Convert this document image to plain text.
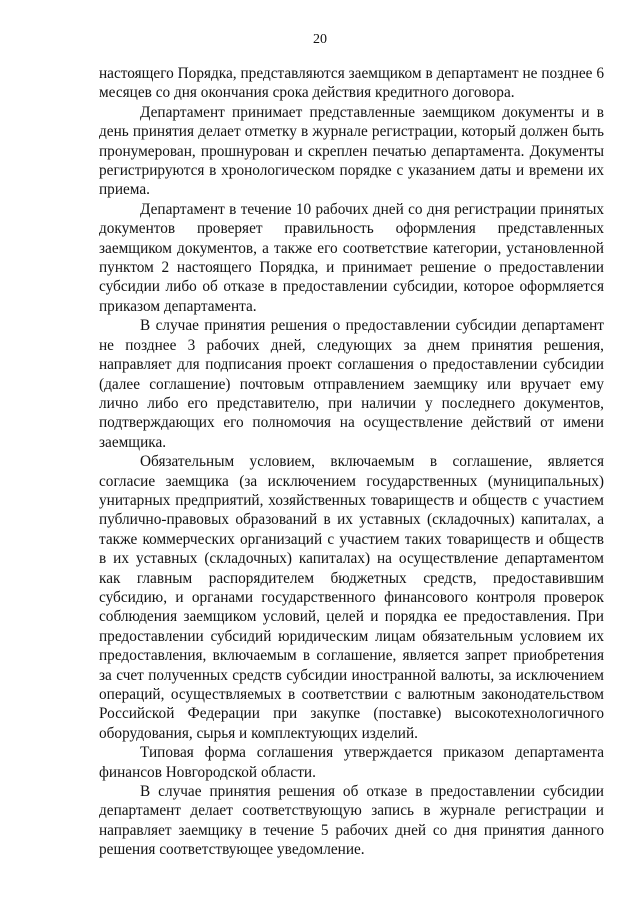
20

настоящего Порядка, представляются заемщиком в департамент не позднее 6 месяцев со дня окончания срока действия кредитного договора.

Департамент принимает представленные заемщиком документы и в день принятия делает отметку в журнале регистрации, который должен быть пронумерован, прошнурован и скреплен печатью департамента. Документы регистрируются в хронологическом порядке с указанием даты и времени их приема.

Департамент в течение 10 рабочих дней со дня регистрации принятых документов проверяет правильность оформления представленных заемщиком документов, а также его соответствие категории, установленной пунктом 2 настоящего Порядка, и принимает решение о предоставлении субсидии либо об отказе в предоставлении субсидии, которое оформляется приказом департамента.

В случае принятия решения о предоставлении субсидии департамент не позднее 3 рабочих дней, следующих за днем принятия решения, направляет для подписания проект соглашения о предоставлении субсидии (далее соглашение) почтовым отправлением заемщику или вручает ему лично либо его представителю, при наличии у последнего документов, подтверждающих его полномочия на осуществление действий от имени заемщика.

Обязательным условием, включаемым в соглашение, является согласие заемщика (за исключением государственных (муниципальных) унитарных предприятий, хозяйственных товариществ и обществ с участием публично-правовых образований в их уставных (складочных) капиталах, а также коммерческих организаций с участием таких товариществ и обществ в их уставных (складочных) капиталах) на осуществление департаментом как главным распорядителем бюджетных средств, предоставившим субсидию, и органами государственного финансового контроля проверок соблюдения заемщиком условий, целей и порядка ее предоставления. При предоставлении субсидий юридическим лицам обязательным условием их предоставления, включаемым в соглашение, является запрет приобретения за счет полученных средств субсидии иностранной валюты, за исключением операций, осуществляемых в соответствии с валютным законодательством Российской Федерации при закупке (поставке) высокотехнологичного оборудования, сырья и комплектующих изделий.

Типовая форма соглашения утверждается приказом департамента финансов Новгородской области.

В случае принятия решения об отказе в предоставлении субсидии департамент делает соответствующую запись в журнале регистрации и направляет заемщику в течение 5 рабочих дней со дня принятия данного решения соответствующее уведомление.
